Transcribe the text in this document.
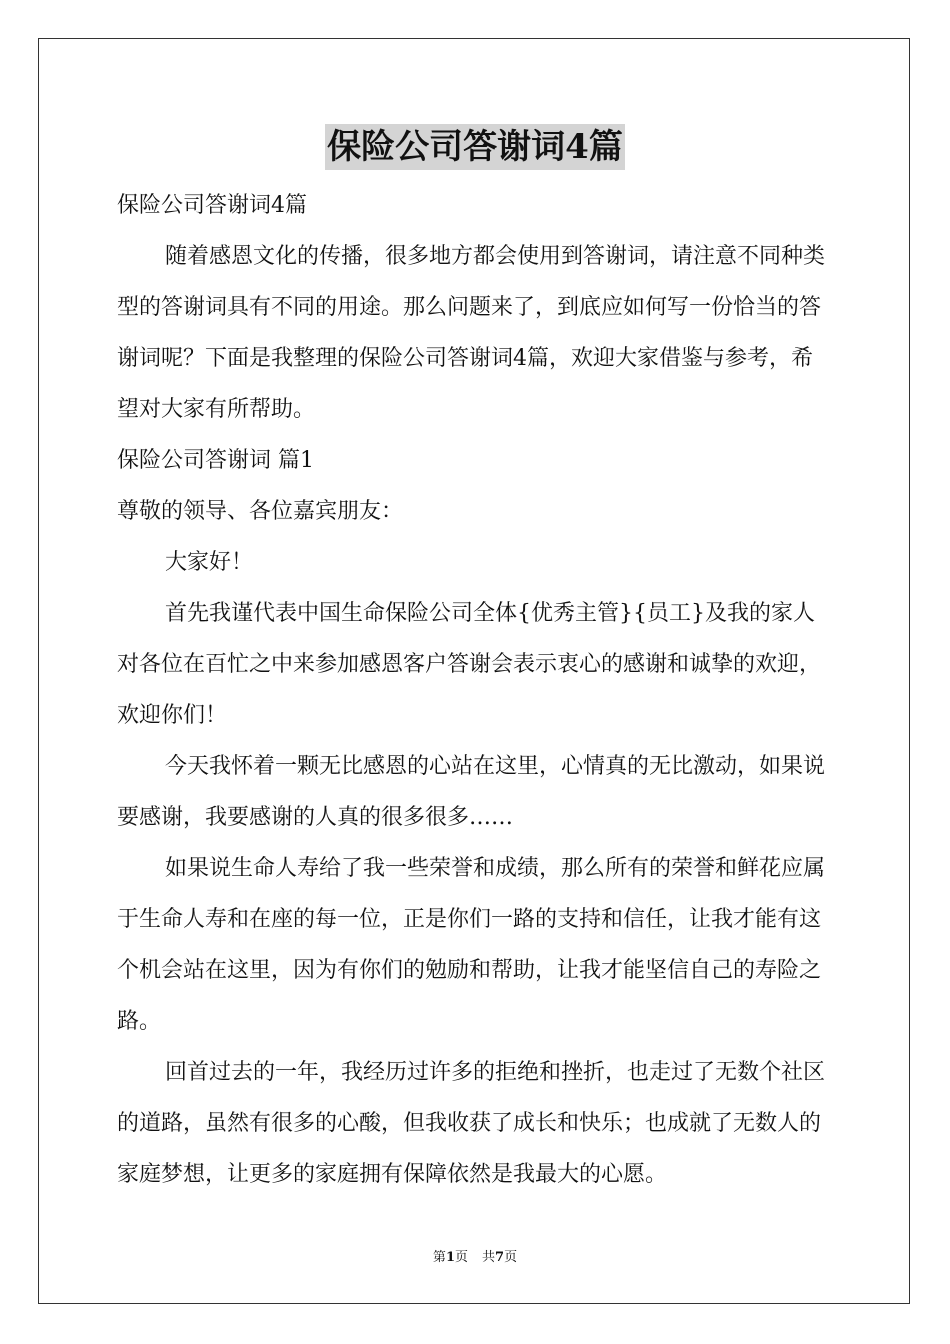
保险公司答谢词4篇

保险公司答谢词4篇

随着感恩文化的传播，很多地方都会使用到答谢词，请注意不同种类型的答谢词具有不同的用途。那么问题来了，到底应如何写一份恰当的答谢词呢？下面是我整理的保险公司答谢词4篇，欢迎大家借鉴与参考，希望对大家有所帮助。

保险公司答谢词 篇1

尊敬的领导、各位嘉宾朋友：

大家好！

首先我谨代表中国生命保险公司全体{优秀主管}{员工}及我的家人对各位在百忙之中来参加感恩客户答谢会表示衷心的感谢和诚挚的欢迎，欢迎你们！

今天我怀着一颗无比感恩的心站在这里，心情真的无比激动，如果说要感谢，我要感谢的人真的很多很多……

如果说生命人寿给了我一些荣誉和成绩，那么所有的荣誉和鲜花应属于生命人寿和在座的每一位，正是你们一路的支持和信任，让我才能有这个机会站在这里，因为有你们的勉励和帮助，让我才能坚信自己的寿险之路。

回首过去的一年，我经历过许多的拒绝和挫折，也走过了无数个社区的道路，虽然有很多的心酸，但我收获了成长和快乐；也成就了无数人的家庭梦想，让更多的家庭拥有保障依然是我最大的心愿。

第1页 共7页
